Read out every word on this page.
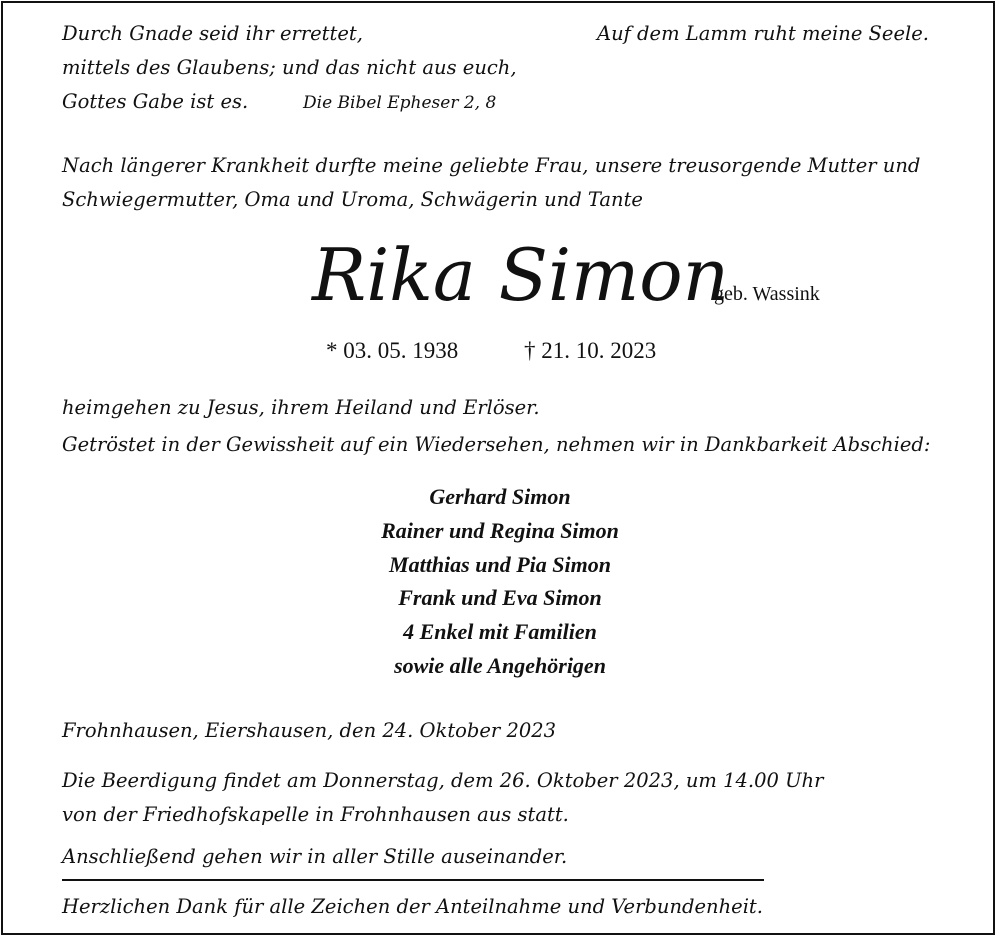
Durch Gnade seid ihr errettet,
mittels des Glaubens; und das nicht aus euch,
Gottes Gabe ist es.	Die Bibel Epheser 2, 8
Auf dem Lamm ruht meine Seele.
Nach längerer Krankheit durfte meine geliebte Frau, unsere treusorgende Mutter und
Schwiegermutter, Oma und Uroma, Schwägerin und Tante
Rika Simon
geb. Wassink
* 03. 05. 1938	† 21. 10. 2023
heimgehen zu Jesus, ihrem Heiland und Erlöser.
Getröstet in der Gewissheit auf ein Wiedersehen, nehmen wir in Dankbarkeit Abschied:
Gerhard Simon
Rainer und Regina Simon
Matthias und Pia Simon
Frank und Eva Simon
4 Enkel mit Familien
sowie alle Angehörigen
Frohnhausen, Eiershausen, den 24. Oktober 2023
Die Beerdigung findet am Donnerstag, dem 26. Oktober 2023, um 14.00 Uhr
von der Friedhofskapelle in Frohnhausen aus statt.
Anschließend gehen wir in aller Stille auseinander.
Herzlichen Dank für alle Zeichen der Anteilnahme und Verbundenheit.
